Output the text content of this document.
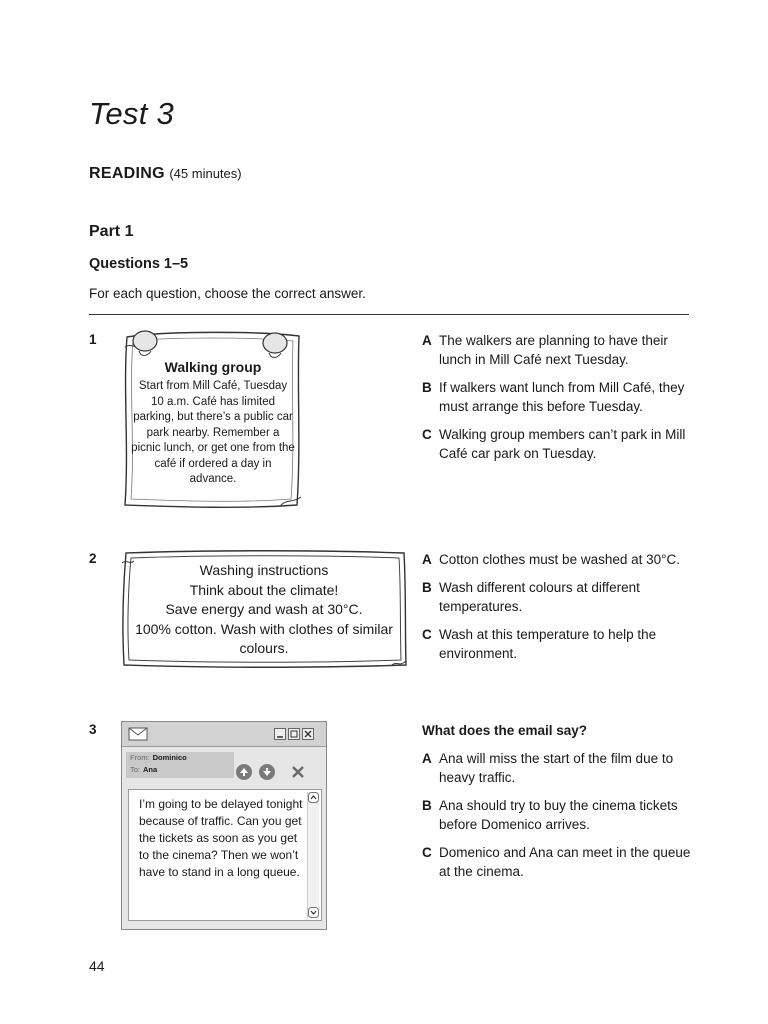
Test 3
READING (45 minutes)
Part 1
Questions 1–5
For each question, choose the correct answer.
1
Walking group
Start from Mill Café, Tuesday 10 a.m. Café has limited parking, but there’s a public car park nearby. Remember a picnic lunch, or get one from the café if ordered a day in advance.
A The walkers are planning to have their lunch in Mill Café next Tuesday.
B If walkers want lunch from Mill Café, they must arrange this before Tuesday.
C Walking group members can’t park in Mill Café car park on Tuesday.
2
Washing instructions
Think about the climate!
Save energy and wash at 30°C.
100% cotton. Wash with clothes of similar colours.
A Cotton clothes must be washed at 30°C.
B Wash different colours at different temperatures.
C Wash at this temperature to help the environment.
3
From: Dominico
To: Ana
I’m going to be delayed tonight because of traffic. Can you get the tickets as soon as you get to the cinema? Then we won’t have to stand in a long queue.
What does the email say?
A Ana will miss the start of the film due to heavy traffic.
B Ana should try to buy the cinema tickets before Domenico arrives.
C Domenico and Ana can meet in the queue at the cinema.
44
